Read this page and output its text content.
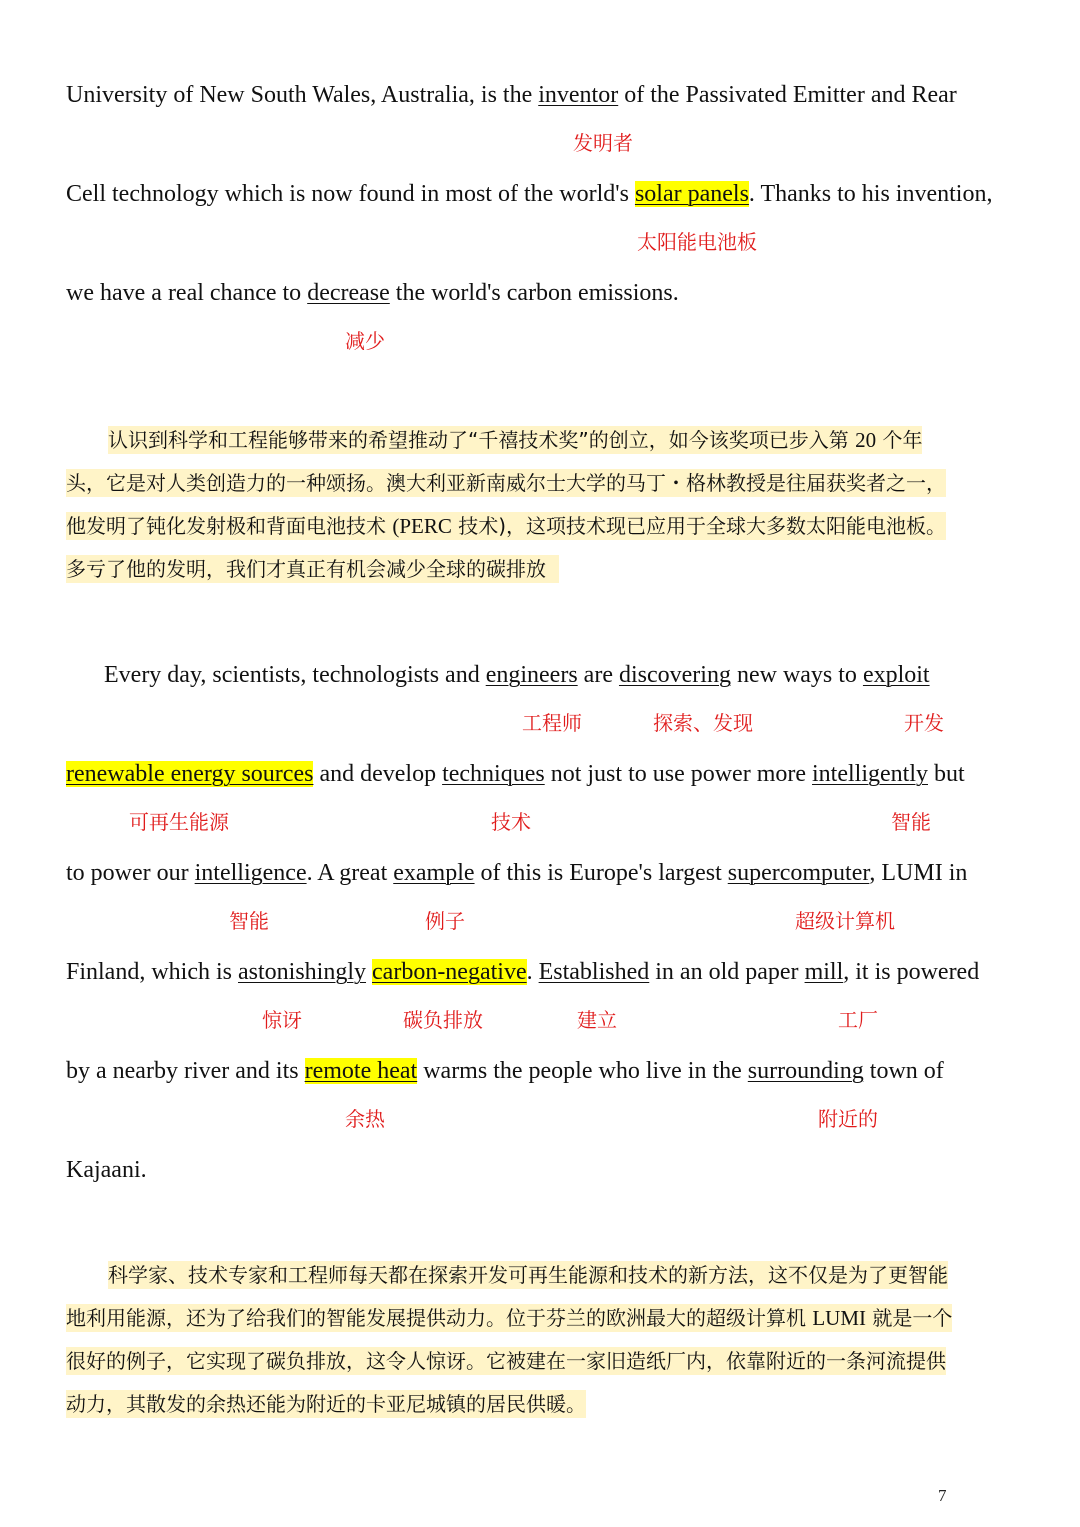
University of New South Wales, Australia, is the inventor of the Passivated Emitter and Rear
发明者
Cell technology which is now found in most of the world's solar panels. Thanks to his invention,
太阳能电池板
we have a real chance to decrease the world's carbon emissions.
减少
认识到科学和工程能够带来的希望推动了“千禧技术奖”的创立，如今该奖项已步入第 20 个年
头，它是对人类创造力的一种颂扬。澳大利亚新南威尔士大学的马丁・格林教授是往届获奖者之一，
他发明了钝化发射极和背面电池技术 (PERC 技术)，这项技术现已应用于全球大多数太阳能电池板。
多亏了他的发明，我们才真正有机会减少全球的碳排放
Every day, scientists, technologists and engineers are discovering new ways to exploit
工程师	探索、发现	开发
renewable energy sources and develop techniques not just to use power more intelligently but
可再生能源	技术	智能
to power our intelligence. A great example of this is Europe's largest supercomputer, LUMI in
智能	例子	超级计算机
Finland, which is astonishingly carbon-negative. Established in an old paper mill, it is powered
惊讶	碳负排放	建立	工厂
by a nearby river and its remote heat warms the people who live in the surrounding town of
余热	附近的
Kajaani.
科学家、技术专家和工程师每天都在探索开发可再生能源和技术的新方法，这不仅是为了更智能
地利用能源，还为了给我们的智能发展提供动力。位于芬兰的欧洲最大的超级计算机 LUMI 就是一个
很好的例子，它实现了碳负排放，这令人惊讶。它被建在一家旧造纸厂内，依靠附近的一条河流提供
动力，其散发的余热还能为附近的卡亚尼城镇的居民供暖。
7
